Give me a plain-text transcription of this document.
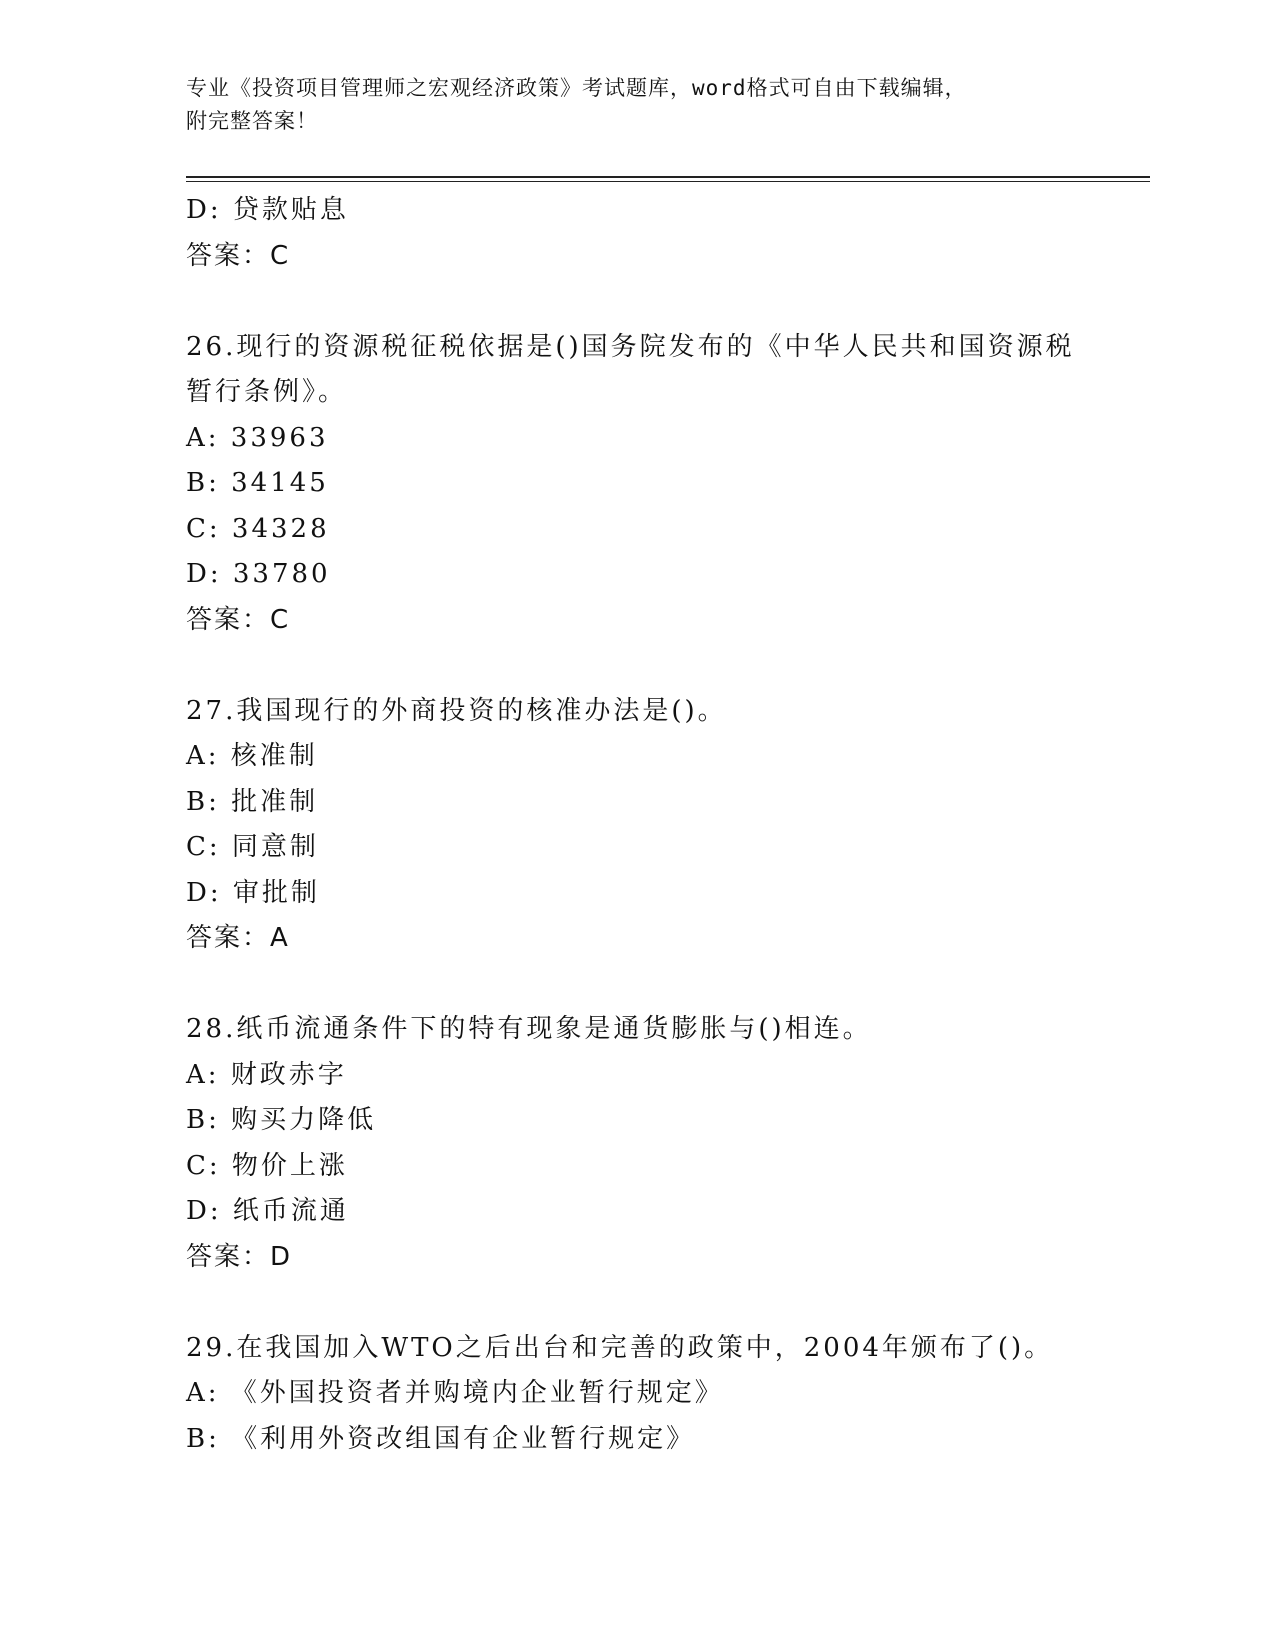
专业《投资项目管理师之宏观经济政策》考试题库，word格式可自由下载编辑，
附完整答案！
D: 贷款贴息
答案：C
26.现行的资源税征税依据是()国务院发布的《中华人民共和国资源税
暂行条例》。
A: 33963
B: 34145
C: 34328
D: 33780
答案：C
27.我国现行的外商投资的核准办法是()。
A: 核准制
B: 批准制
C: 同意制
D: 审批制
答案：A
28.纸币流通条件下的特有现象是通货膨胀与()相连。
A: 财政赤字
B: 购买力降低
C: 物价上涨
D: 纸币流通
答案：D
29.在我国加入WTO之后出台和完善的政策中，2004年颁布了()。
A: 《外国投资者并购境内企业暂行规定》
B: 《利用外资改组国有企业暂行规定》
